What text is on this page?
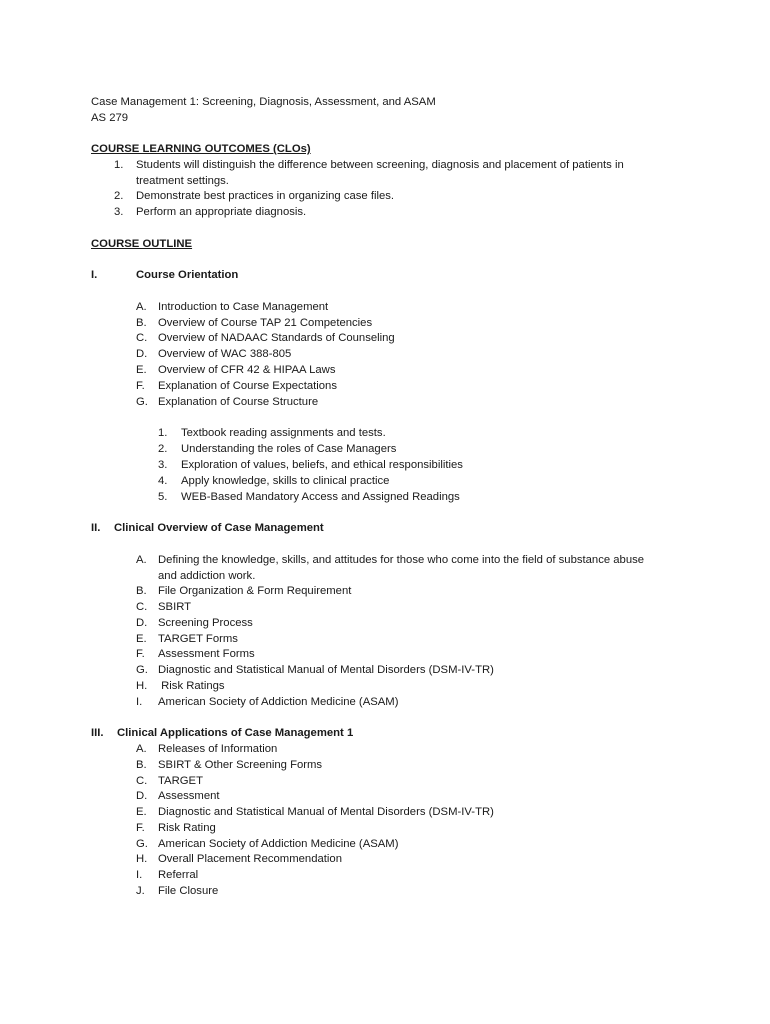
Case Management 1: Screening, Diagnosis, Assessment, and ASAM
AS 279
COURSE LEARNING OUTCOMES (CLOs)
1. Students will distinguish the difference between screening, diagnosis and placement of patients in
treatment settings.
2. Demonstrate best practices in organizing case files.
3. Perform an appropriate diagnosis.
COURSE OUTLINE
I.	Course Orientation
A. Introduction to Case Management
B. Overview of Course TAP 21 Competencies
C. Overview of NADAAC Standards of Counseling
D. Overview of WAC 388-805
E. Overview of CFR 42 & HIPAA Laws
F. Explanation of Course Expectations
G. Explanation of Course Structure
1. Textbook reading assignments and tests.
2. Understanding the roles of Case Managers
3. Exploration of values, beliefs, and ethical responsibilities
4. Apply knowledge, skills to clinical practice
5. WEB-Based Mandatory Access and Assigned Readings
II. Clinical Overview of Case Management
A. Defining the knowledge, skills, and attitudes for those who come into the field of substance abuse
and addiction work.
B. File Organization & Form Requirement
C. SBIRT
D. Screening Process
E. TARGET Forms
F. Assessment Forms
G. Diagnostic and Statistical Manual of Mental Disorders (DSM-IV-TR)
H. Risk Ratings
I. American Society of Addiction Medicine (ASAM)
III. Clinical Applications of Case Management 1
A. Releases of Information
B. SBIRT & Other Screening Forms
C. TARGET
D. Assessment
E. Diagnostic and Statistical Manual of Mental Disorders (DSM-IV-TR)
F. Risk Rating
G. American Society of Addiction Medicine (ASAM)
H. Overall Placement Recommendation
I. Referral
J. File Closure
